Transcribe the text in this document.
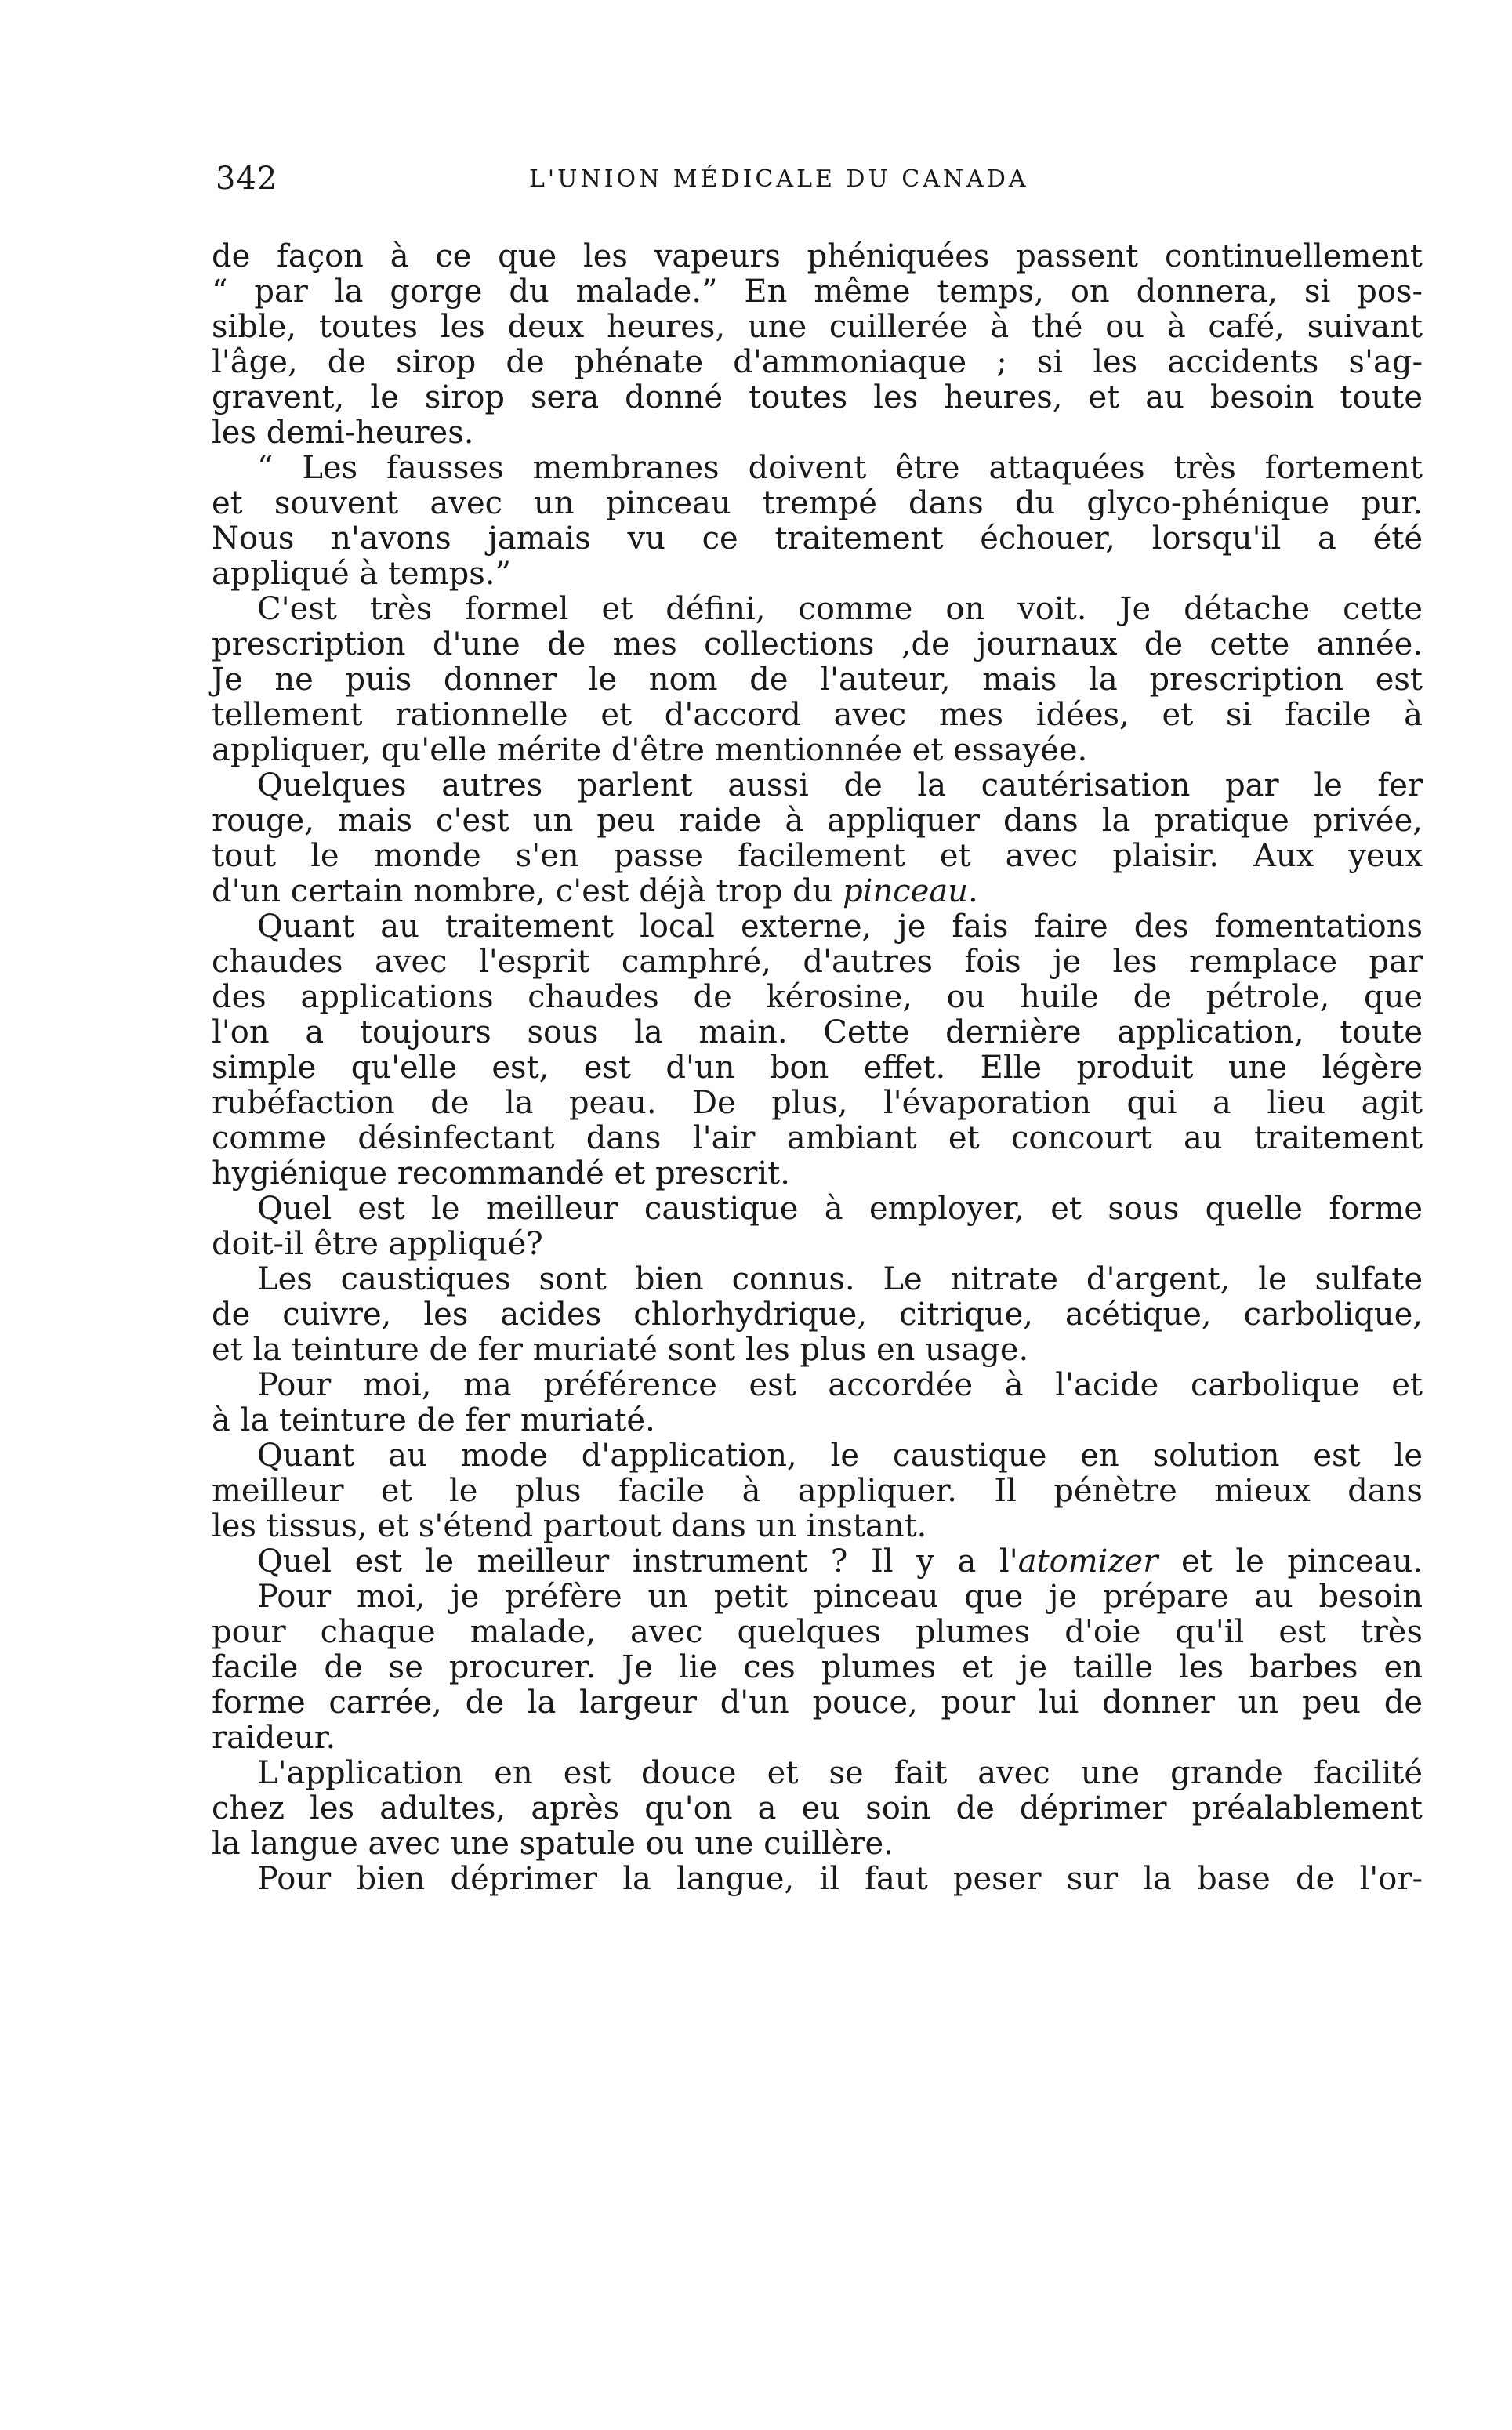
342	L'UNION MÉDICALE DU CANADA
de façon à ce que les vapeurs phéniquées passent continuellement
“ par la gorge du malade.” En même temps, on donnera, si pos-
sible, toutes les deux heures, une cuillerée à thé ou à café, suivant
l'âge, de sirop de phénate d'ammoniaque ; si les accidents s'ag-
gravent, le sirop sera donné toutes les heures, et au besoin toute
les demi-heures.
“ Les fausses membranes doivent être attaquées très fortement
et souvent avec un pinceau trempé dans du glyco-phénique pur.
Nous n'avons jamais vu ce traitement échouer, lorsqu'il a été
appliqué à temps.”
C'est très formel et défini, comme on voit. Je détache cette
prescription d'une de mes collections ,de journaux de cette année.
Je ne puis donner le nom de l'auteur, mais la prescription est
tellement rationnelle et d'accord avec mes idées, et si facile à
appliquer, qu'elle mérite d'être mentionnée et essayée.
Quelques autres parlent aussi de la cautérisation par le fer
rouge, mais c'est un peu raide à appliquer dans la pratique privée,
tout le monde s'en passe facilement et avec plaisir. Aux yeux
d'un certain nombre, c'est déjà trop du pinceau.
Quant au traitement local externe, je fais faire des fomentations
chaudes avec l'esprit camphré, d'autres fois je les remplace par
des applications chaudes de kérosine, ou huile de pétrole, que
l'on a toujours sous la main. Cette dernière application, toute
simple qu'elle est, est d'un bon effet. Elle produit une légère
rubéfaction de la peau. De plus, l'évaporation qui a lieu agit
comme désinfectant dans l'air ambiant et concourt au traitement
hygiénique recommandé et prescrit.
Quel est le meilleur caustique à employer, et sous quelle forme
doit-il être appliqué?
Les caustiques sont bien connus. Le nitrate d'argent, le sulfate
de cuivre, les acides chlorhydrique, citrique, acétique, carbolique,
et la teinture de fer muriaté sont les plus en usage.
Pour moi, ma préférence est accordée à l'acide carbolique et
à la teinture de fer muriaté.
Quant au mode d'application, le caustique en solution est le
meilleur et le plus facile à appliquer. Il pénètre mieux dans
les tissus, et s'étend partout dans un instant.
Quel est le meilleur instrument ? Il y a l'atomizer et le pinceau.
Pour moi, je préfère un petit pinceau que je prépare au besoin
pour chaque malade, avec quelques plumes d'oie qu'il est très
facile de se procurer. Je lie ces plumes et je taille les barbes en
forme carrée, de la largeur d'un pouce, pour lui donner un peu de
raideur.
L'application en est douce et se fait avec une grande facilité
chez les adultes, après qu'on a eu soin de déprimer préalablement
la langue avec une spatule ou une cuillère.
Pour bien déprimer la langue, il faut peser sur la base de l'or-
